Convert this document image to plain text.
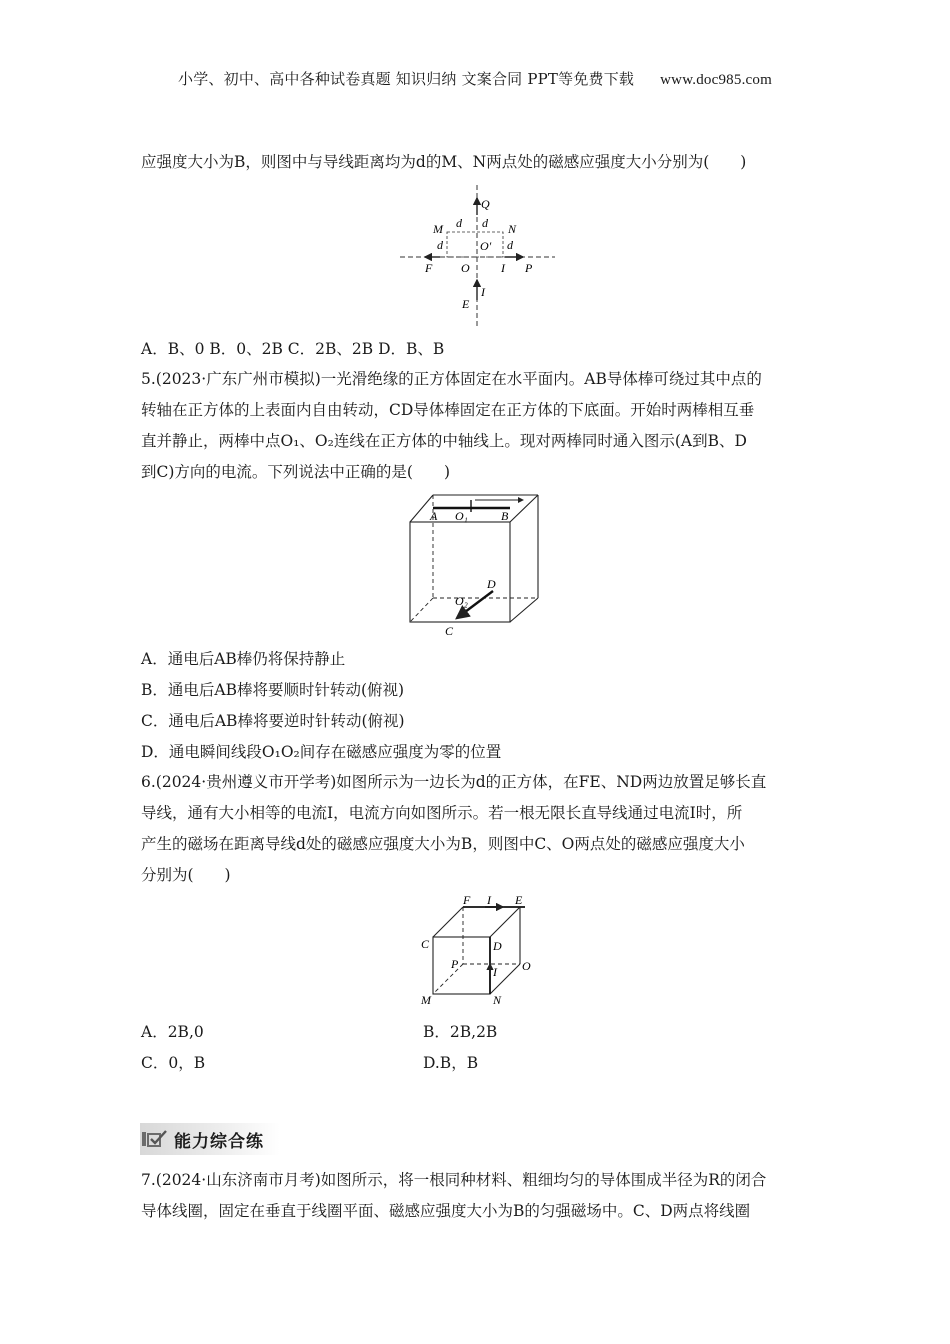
小学、初中、高中各种试卷真题 知识归纳 文案合同 PPT等免费下载 www.doc985.com
应强度大小为B，则图中与导线距离均为d的M、N两点处的磁感应强度大小分别为(　　)
Q
d d
M	N
d	O′ d
F O	I P
I
E
A．B、0 B．0、2B C．2B、2B D．B、B
5.(2023·广东广州市模拟)一光滑绝缘的正方体固定在水平面内。AB导体棒可绕过其中点的
转轴在正方体的上表面内自由转动，CD导体棒固定在正方体的下底面。开始时两棒相互垂
直并静止，两棒中点O₁、O₂连线在正方体的中轴线上。现对两棒同时通入图示(A到B、D
到C)方向的电流。下列说法中正确的是(　　)
A O₁	B
D
O₂
C
A．通电后AB棒仍将保持静止
B．通电后AB棒将要顺时针转动(俯视)
C．通电后AB棒将要逆时针转动(俯视)
D．通电瞬间线段O₁O₂间存在磁感应强度为零的位置
6.(2024·贵州遵义市开学考)如图所示为一边长为d的正方体，在FE、ND两边放置足够长直
导线，通有大小相等的电流I，电流方向如图所示。若一根无限长直导线通过电流I时，所
产生的磁场在距离导线d处的磁感应强度大小为B，则图中C、O两点处的磁感应强度大小
分别为(　　)
F I E
C	D
P
I O
M	N
A．2B,0	B．2B,2B
C．0，B	D.B，B
能力综合练
7.(2024·山东济南市月考)如图所示，将一根同种材料、粗细均匀的导体围成半径为R的闭合
导体线圈，固定在垂直于线圈平面、磁感应强度大小为B的匀强磁场中。C、D两点将线圈
